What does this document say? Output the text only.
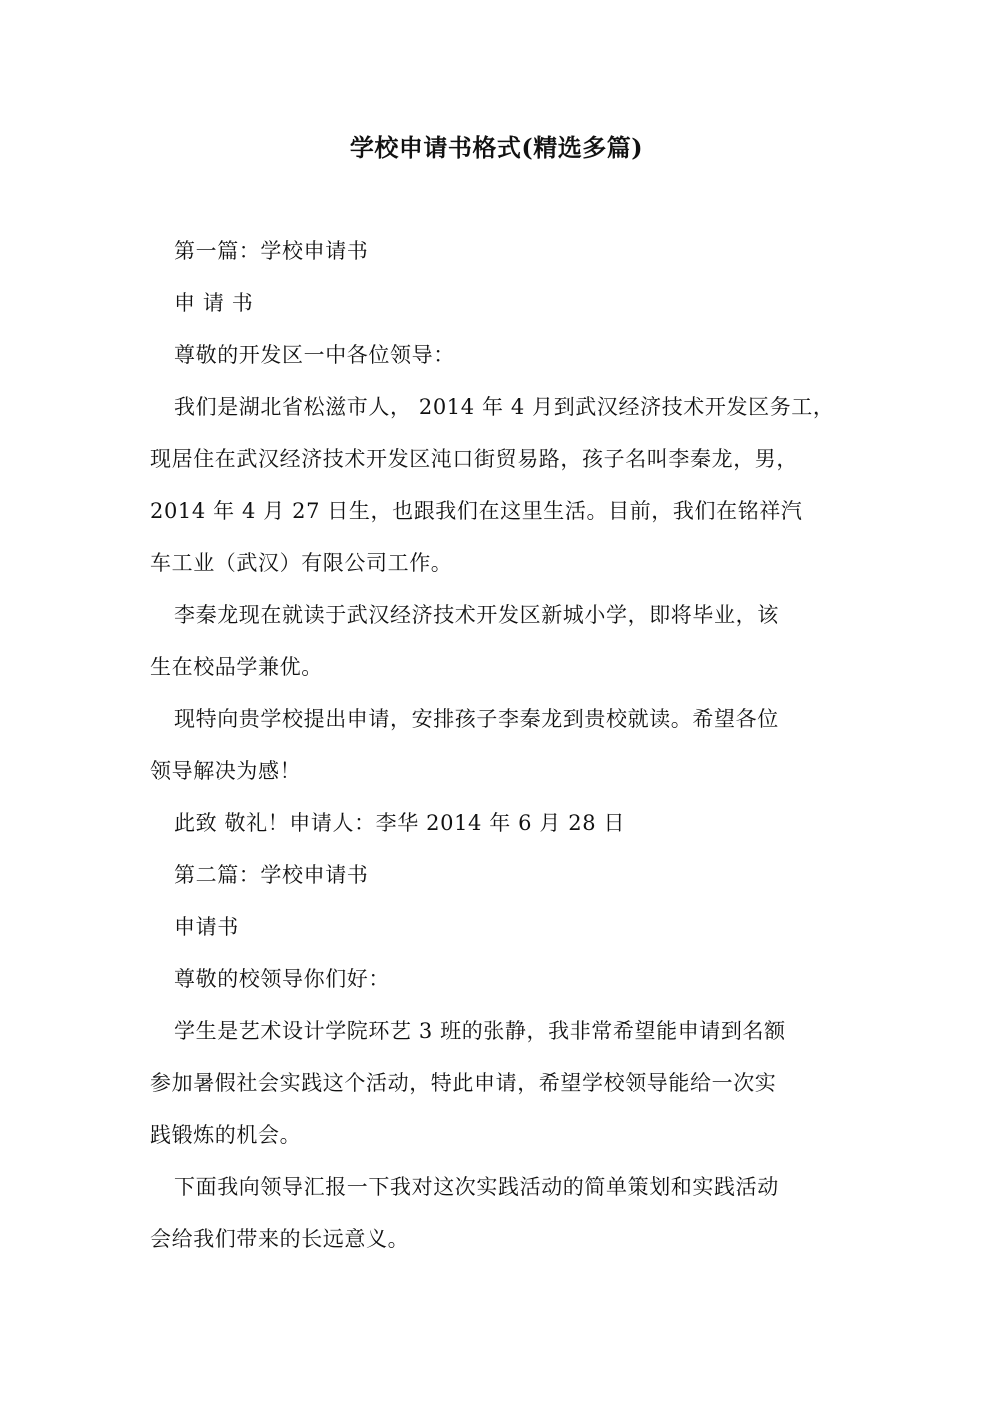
学校申请书格式(精选多篇)
第一篇：学校申请书
申 请 书
尊敬的开发区一中各位领导：
我们是湖北省松滋市人， 2014 年 4 月到武汉经济技术开发区务工，
现居住在武汉经济技术开发区沌口街贸易路，孩子名叫李秦龙，男，
2014 年 4 月 27 日生，也跟我们在这里生活。目前，我们在铭祥汽
车工业（武汉）有限公司工作。
李秦龙现在就读于武汉经济技术开发区新城小学，即将毕业，该
生在校品学兼优。
现特向贵学校提出申请，安排孩子李秦龙到贵校就读。希望各位
领导解决为感！
此致 敬礼！申请人：李华 2014 年 6 月 28 日
第二篇：学校申请书
申请书
尊敬的校领导你们好：
学生是艺术设计学院环艺 3 班的张静，我非常希望能申请到名额
参加暑假社会实践这个活动，特此申请，希望学校领导能给一次实
践锻炼的机会。
下面我向领导汇报一下我对这次实践活动的简单策划和实践活动
会给我们带来的长远意义。
